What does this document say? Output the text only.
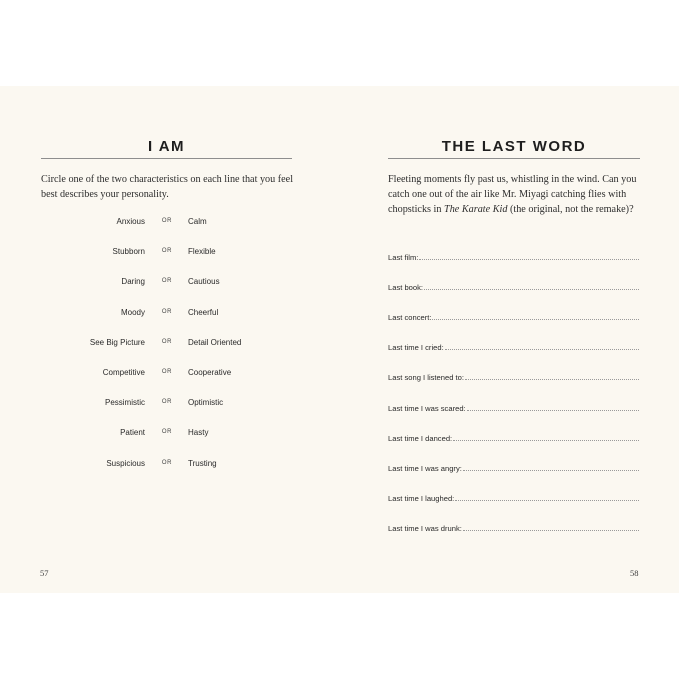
I AM

Circle one of the two characteristics on each line that you feel best describes your personality.

Anxious	OR Calm
Stubborn	OR Flexible
Daring	OR Cautious
Moody	OR Cheerful
See Big Picture	OR Detail Oriented
Competitive	OR Cooperative
Pessimistic	OR Optimistic
Patient	OR Hasty
Suspicious	OR Trusting
57
THE LAST WORD

Fleeting moments fly past us, whistling in the wind. Can you catch one out of the air like Mr. Miyagi catching flies with chopsticks in The Karate Kid (the original, not the remake)?

Last film:
Last book:
Last concert:
Last time I cried:
Last song I listened to:
Last time I was scared:
Last time I danced:
Last time I was angry:
Last time I laughed:
Last time I was drunk:
58
